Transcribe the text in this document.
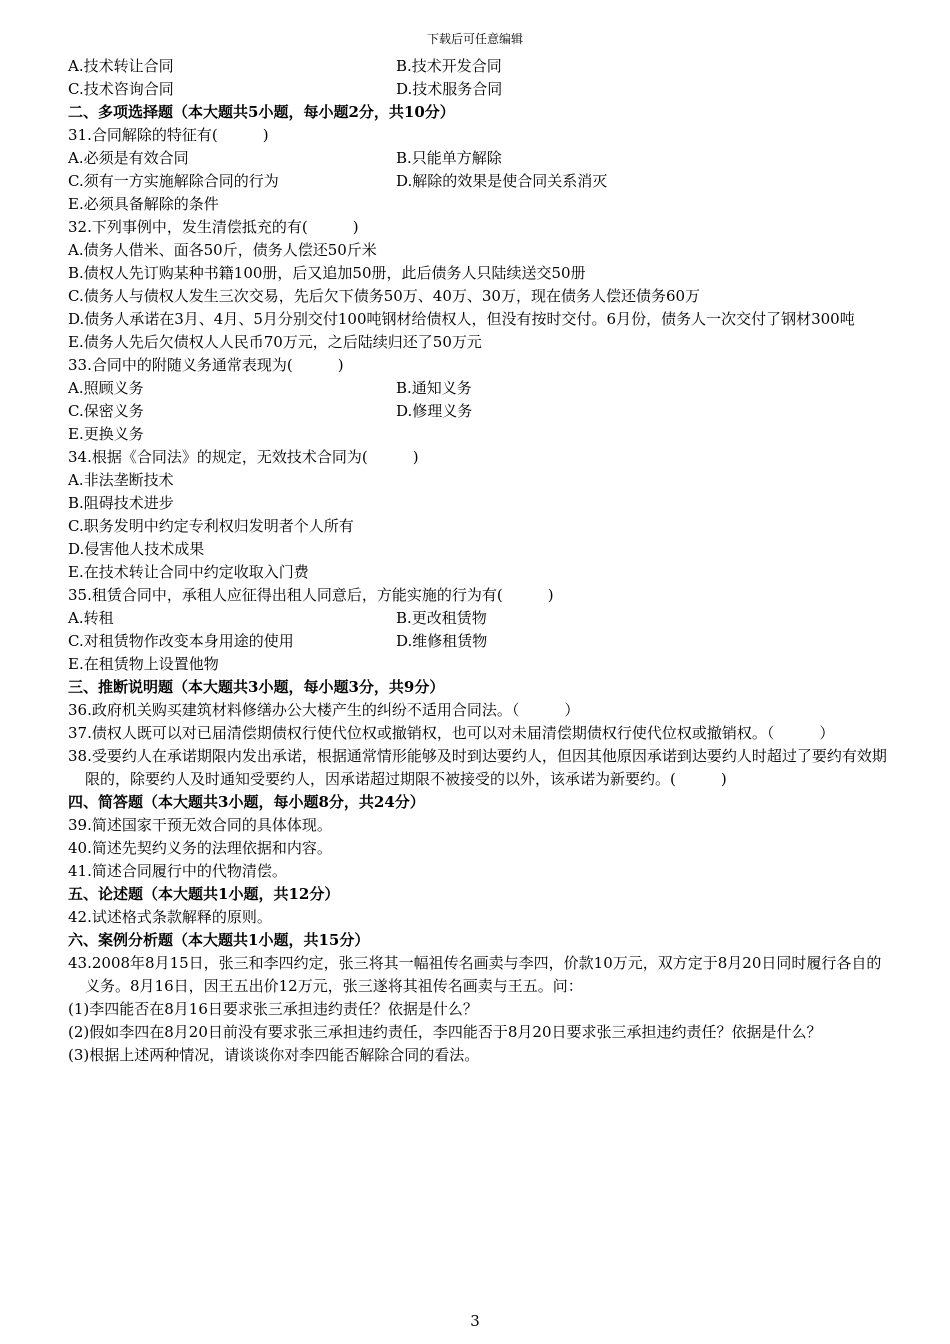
下载后可任意编辑
A.技术转让合同	B.技术开发合同
C.技术咨询合同	D.技术服务合同
二、多项选择题（本大题共5小题，每小题2分，共10分）
31.合同解除的特征有(　　　)
A.必须是有效合同	B.只能单方解除
C.须有一方实施解除合同的行为	D.解除的效果是使合同关系消灭
E.必须具备解除的条件
32.下列事例中，发生清偿抵充的有(　　　)
A.债务人借米、面各50斤，债务人偿还50斤米
B.债权人先订购某种书籍100册，后又追加50册，此后债务人只陆续送交50册
C.债务人与债权人发生三次交易，先后欠下债务50万、40万、30万，现在债务人偿还债务60万
D.债务人承诺在3月、4月、5月分别交付100吨钢材给债权人，但没有按时交付。6月份，债务人一次交付了钢材300吨
E.债务人先后欠债权人人民币70万元，之后陆续归还了50万元
33.合同中的附随义务通常表现为(　　　)
A.照顾义务	B.通知义务
C.保密义务	D.修理义务
E.更换义务
34.根据《合同法》的规定，无效技术合同为(　　　)
A.非法垄断技术
B.阻碍技术进步
C.职务发明中约定专利权归发明者个人所有
D.侵害他人技术成果
E.在技术转让合同中约定收取入门费
35.租赁合同中，承租人应征得出租人同意后，方能实施的行为有(　　　)
A.转租	B.更改租赁物
C.对租赁物作改变本身用途的使用	D.维修租赁物
E.在租赁物上设置他物
三、推断说明题（本大题共3小题，每小题3分，共9分）
36.政府机关购买建筑材料修缮办公大楼产生的纠纷不适用合同法。（　　　）
37.债权人既可以对已届清偿期债权行使代位权或撤销权，也可以对未届清偿期债权行使代位权或撤销权。（　　　）
38.受要约人在承诺期限内发出承诺，根据通常情形能够及时到达要约人，但因其他原因承诺到达要约人时超过了要约有效期限的，除要约人及时通知受要约人，因承诺超过期限不被接受的以外，该承诺为新要约。(　　　)
四、简答题（本大题共3小题，每小题8分，共24分）
39.简述国家干预无效合同的具体体现。
40.简述先契约义务的法理依据和内容。
41.简述合同履行中的代物清偿。
五、论述题（本大题共1小题，共12分）
42.试述格式条款解释的原则。
六、案例分析题（本大题共1小题，共15分）
43.2008年8月15日，张三和李四约定，张三将其一幅祖传名画卖与李四，价款10万元，双方定于8月20日同时履行各自的义务。8月16日，因王五出价12万元，张三遂将其祖传名画卖与王五。问：
(1)李四能否在8月16日要求张三承担违约责任？依据是什么？
(2)假如李四在8月20日前没有要求张三承担违约责任，李四能否于8月20日要求张三承担违约责任？依据是什么？
(3)根据上述两种情况，请谈谈你对李四能否解除合同的看法。
3
